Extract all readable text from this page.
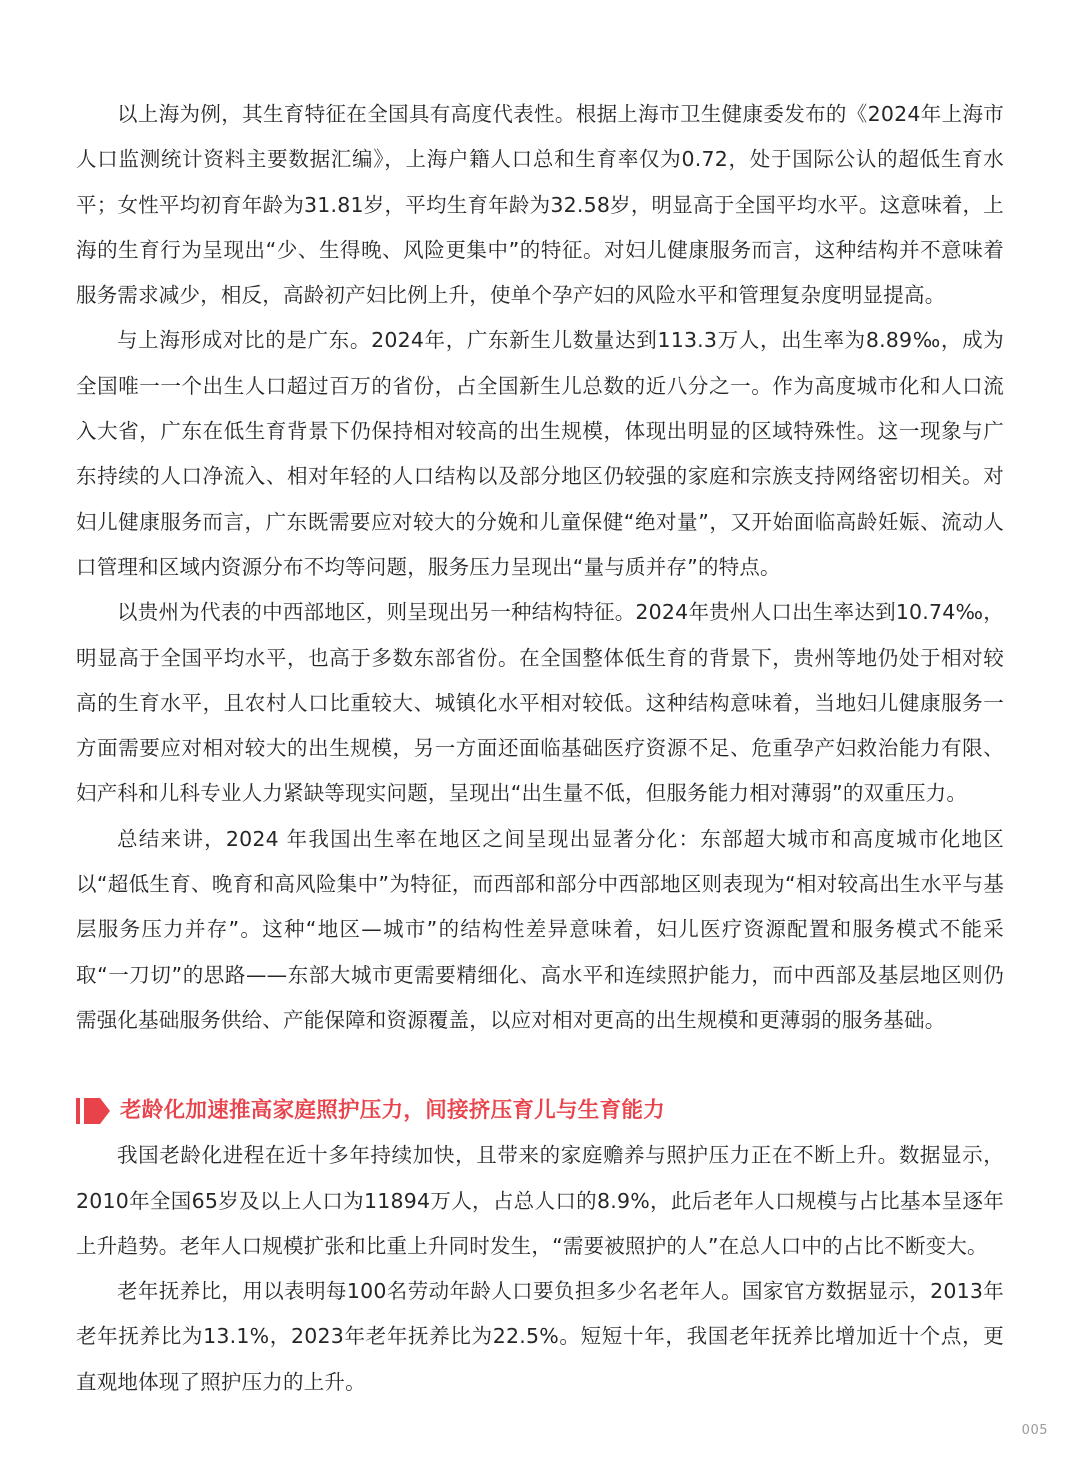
以上海为例，其生育特征在全国具有高度代表性。根据上海市卫生健康委发布的《2024年上海市人口监测统计资料主要数据汇编》，上海户籍人口总和生育率仅为0.72，处于国际公认的超低生育水平；女性平均初育年龄为31.81岁，平均生育年龄为32.58岁，明显高于全国平均水平。这意味着，上海的生育行为呈现出“少、生得晚、风险更集中”的特征。对妇儿健康服务而言，这种结构并不意味着服务需求减少，相反，高龄初产妇比例上升，使单个孕产妇的风险水平和管理复杂度明显提高。

与上海形成对比的是广东。2024年，广东新生儿数量达到113.3万人，出生率为8.89‰，成为全国唯一一个出生人口超过百万的省份，占全国新生儿总数的近八分之一。作为高度城市化和人口流入大省，广东在低生育背景下仍保持相对较高的出生规模，体现出明显的区域特殊性。这一现象与广东持续的人口净流入、相对年轻的人口结构以及部分地区仍较强的家庭和宗族支持网络密切相关。对妇儿健康服务而言，广东既需要应对较大的分娩和儿童保健“绝对量”，又开始面临高龄妊娠、流动人口管理和区域内资源分布不均等问题，服务压力呈现出“量与质并存”的特点。

以贵州为代表的中西部地区，则呈现出另一种结构特征。2024年贵州人口出生率达到10.74‰，明显高于全国平均水平，也高于多数东部省份。在全国整体低生育的背景下，贵州等地仍处于相对较高的生育水平，且农村人口比重较大、城镇化水平相对较低。这种结构意味着，当地妇儿健康服务一方面需要应对相对较大的出生规模，另一方面还面临基础医疗资源不足、危重孕产妇救治能力有限、妇产科和儿科专业人力紧缺等现实问题，呈现出“出生量不低，但服务能力相对薄弱”的双重压力。

总结来讲，2024 年我国出生率在地区之间呈现出显著分化：东部超大城市和高度城市化地区以“超低生育、晚育和高风险集中”为特征，而西部和部分中西部地区则表现为“相对较高出生水平与基层服务压力并存”。这种“地区—城市”的结构性差异意味着，妇儿医疗资源配置和服务模式不能采取“一刀切”的思路——东部大城市更需要精细化、高水平和连续照护能力，而中西部及基层地区则仍需强化基础服务供给、产能保障和资源覆盖，以应对相对更高的出生规模和更薄弱的服务基础。

老龄化加速推高家庭照护压力，间接挤压育儿与生育能力

我国老龄化进程在近十多年持续加快，且带来的家庭赡养与照护压力正在不断上升。数据显示，2010年全国65岁及以上人口为11894万人，占总人口的8.9%，此后老年人口规模与占比基本呈逐年上升趋势。老年人口规模扩张和比重上升同时发生，“需要被照护的人”在总人口中的占比不断变大。

老年抚养比，用以表明每100名劳动年龄人口要负担多少名老年人。国家官方数据显示，2013年老年抚养比为13.1%，2023年老年抚养比为22.5%。短短十年，我国老年抚养比增加近十个点，更直观地体现了照护压力的上升。

005
